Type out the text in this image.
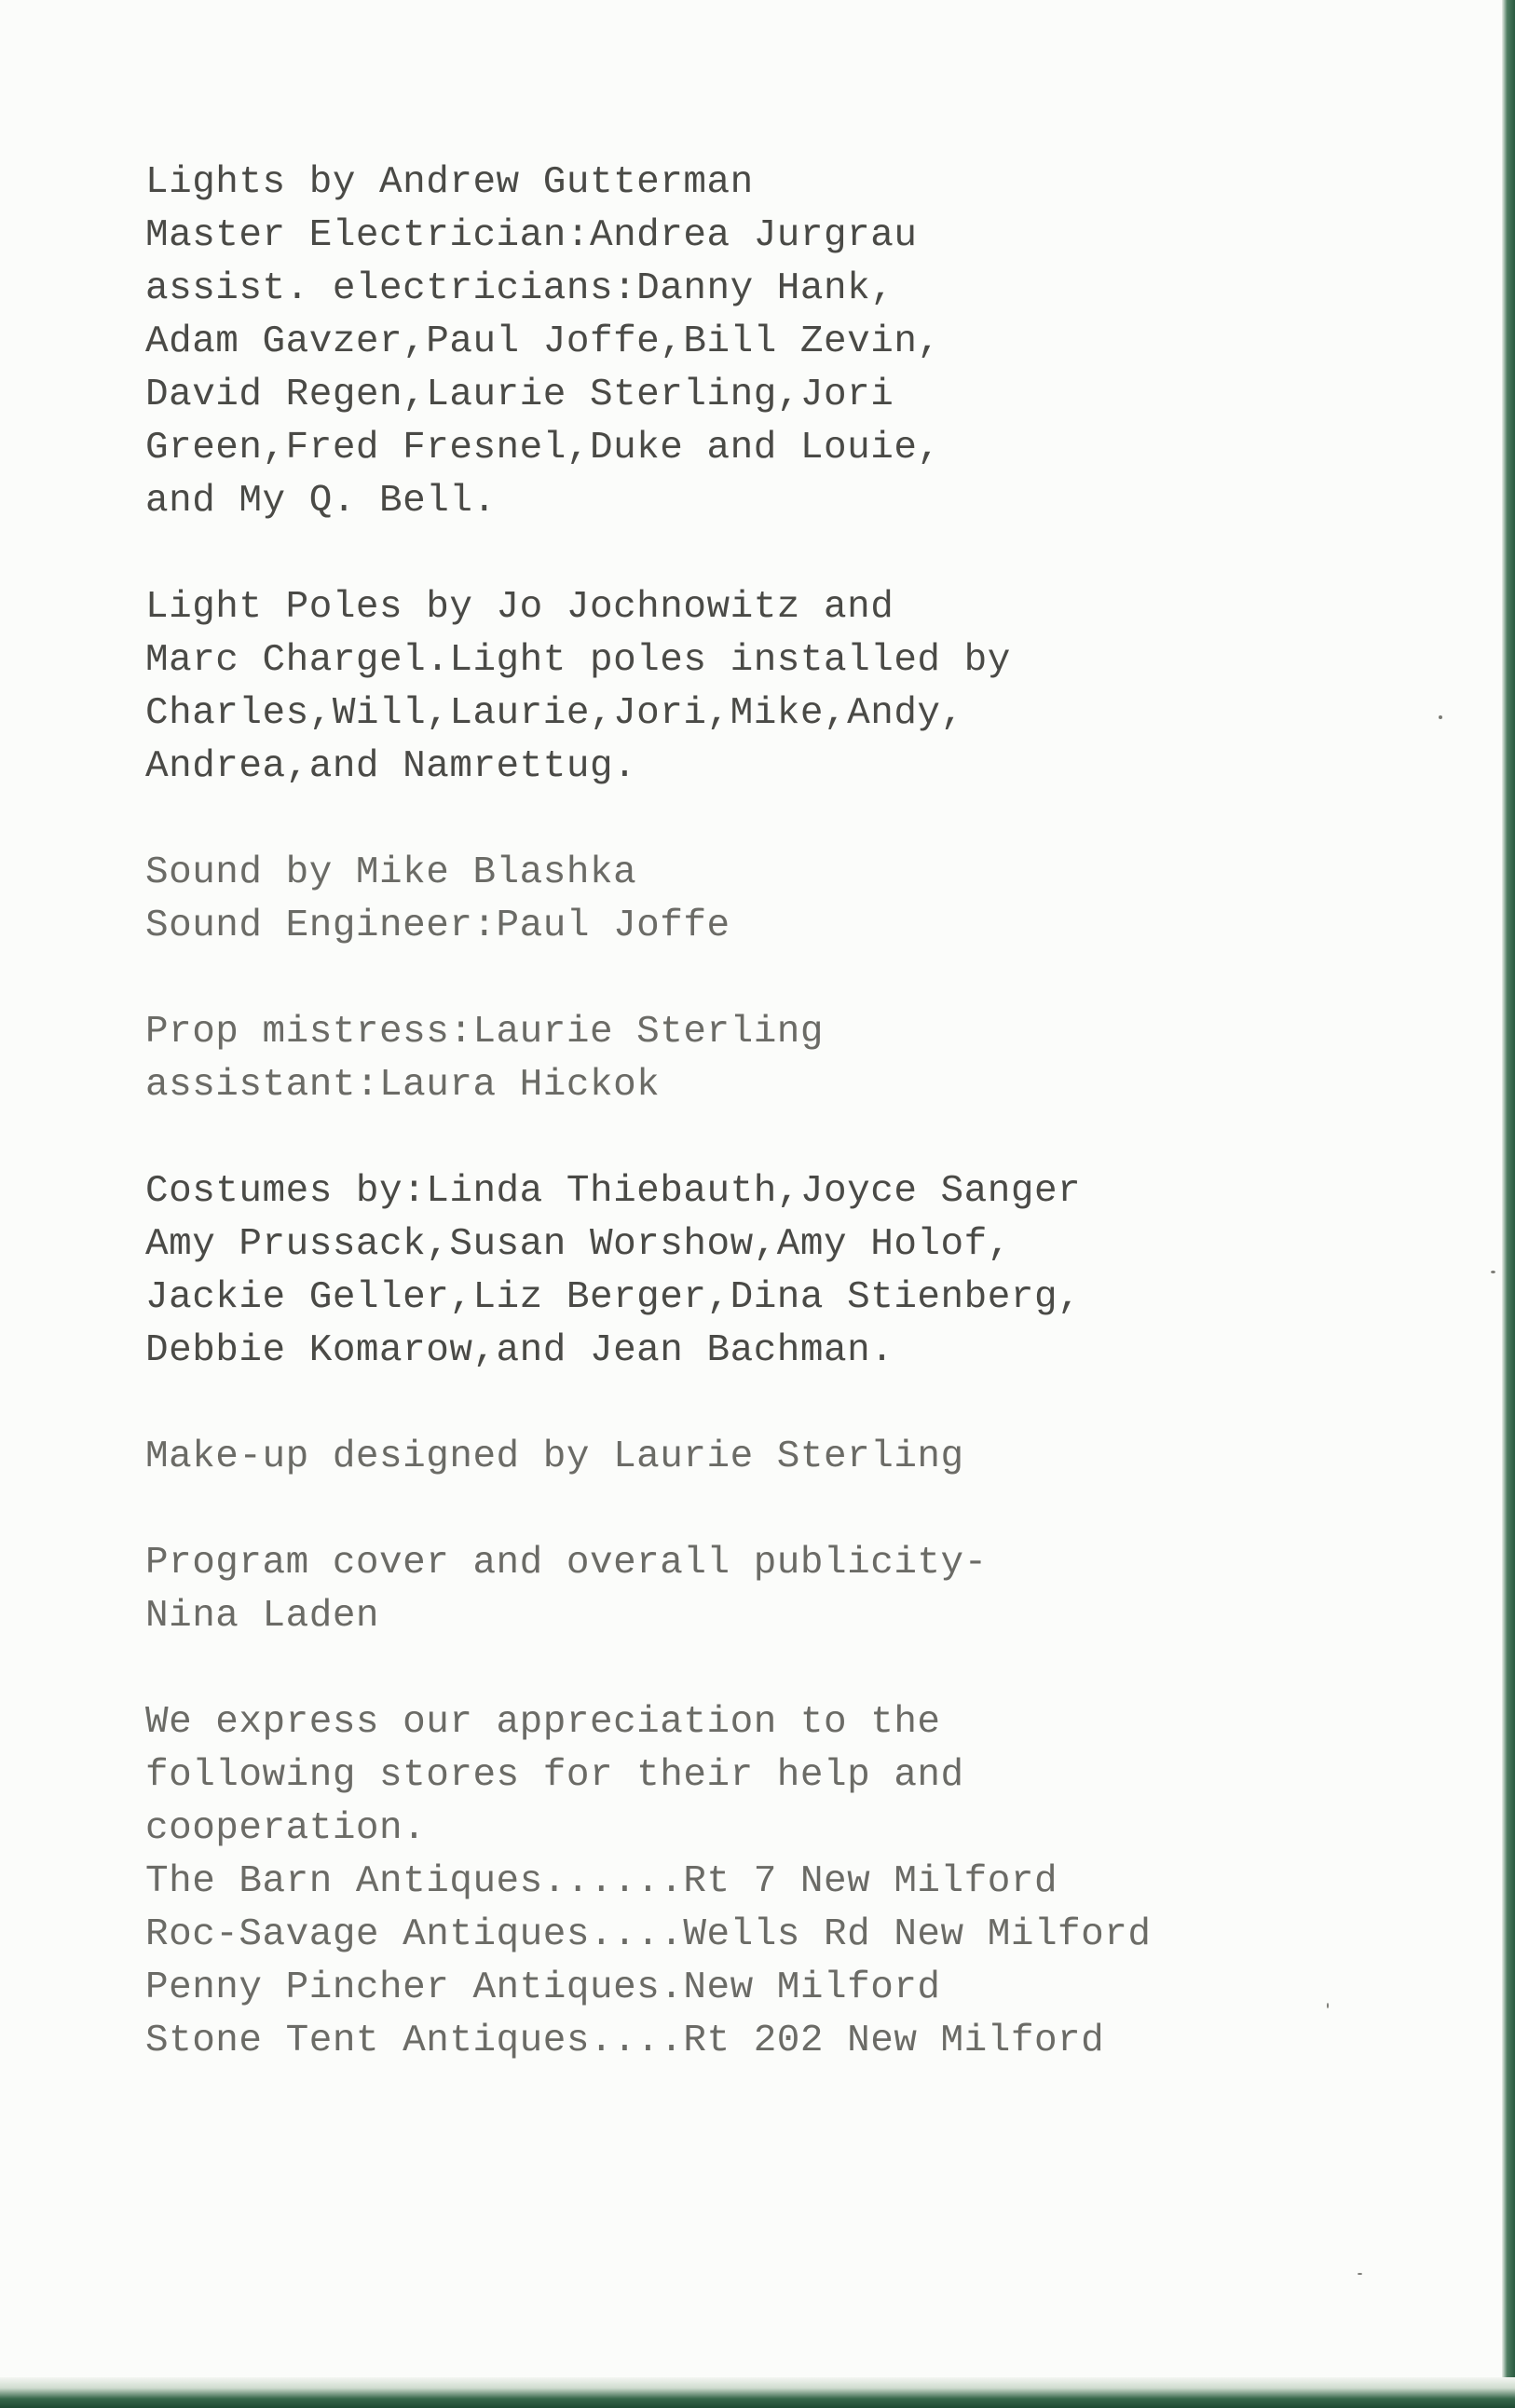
Lights by Andrew Gutterman
Master Electrician:Andrea Jurgrau
assist. electricians:Danny Hank,
Adam Gavzer,Paul Joffe,Bill Zevin,
David Regen,Laurie Sterling,Jori
Green,Fred Fresnel,Duke and Louie,
and My Q. Bell.

Light Poles by Jo Jochnowitz and
Marc Chargel.Light poles installed by
Charles,Will,Laurie,Jori,Mike,Andy,
Andrea,and Namrettug.

Sound by Mike Blashka
Sound Engineer:Paul Joffe

Prop mistress:Laurie Sterling
assistant:Laura Hickok

Costumes by:Linda Thiebauth,Joyce Sanger
Amy Prussack,Susan Worshow,Amy Holof,
Jackie Geller,Liz Berger,Dina Stienberg,
Debbie Komarow,and Jean Bachman.

Make-up designed by Laurie Sterling

Program cover and overall publicity-
Nina Laden

We express our appreciation to the
following stores for their help and
cooperation.
The Barn Antiques......Rt 7 New Milford
Roc-Savage Antiques....Wells Rd New Milford
Penny Pincher Antiques.New Milford
Stone Tent Antiques....Rt 202 New Milford
